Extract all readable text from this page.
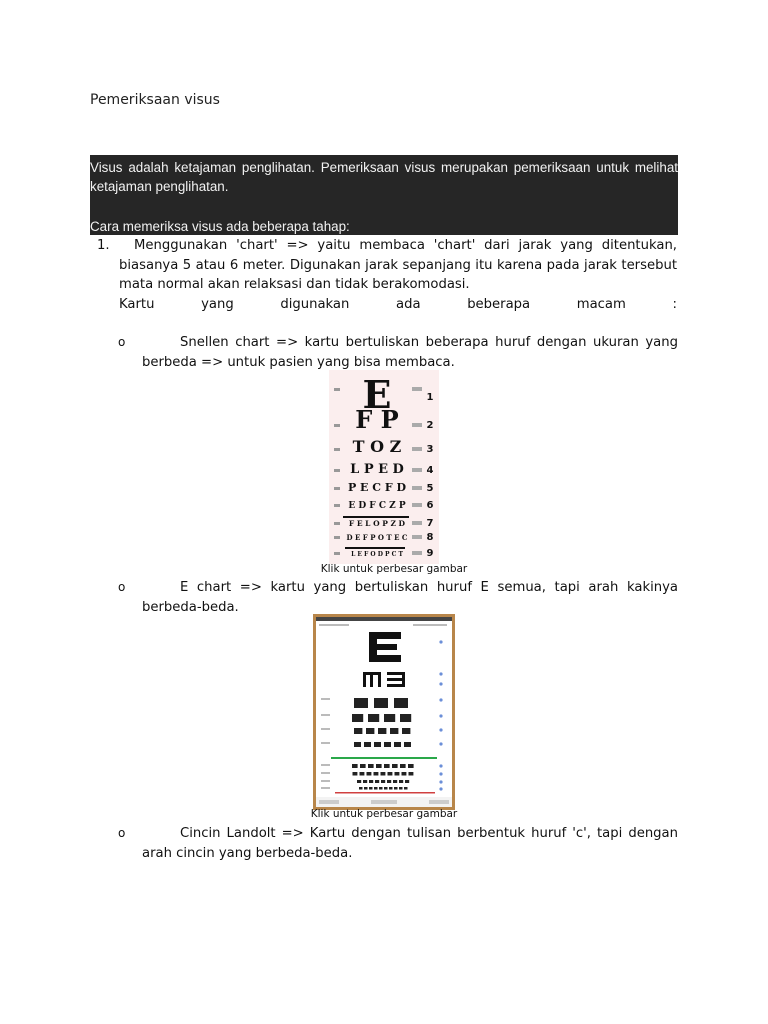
Pemeriksaan visus

Visus adalah ketajaman penglihatan. Pemeriksaan visus merupakan pemeriksaan untuk melihat ketajaman penglihatan.

Cara memeriksa visus ada beberapa tahap:

1.	Menggunakan 'chart' => yaitu membaca 'chart' dari jarak yang ditentukan, biasanya 5 atau 6 meter. Digunakan jarak sepanjang itu karena pada jarak tersebut mata normal akan relaksasi dan tidak berakomodasi.
Kartu	yang	digunakan	ada	beberapa	macam	:
o	Snellen chart => kartu bertuliskan beberapa huruf dengan ukuran yang berbeda => untuk pasien yang bisa membaca.
E	1
F P	2
T O Z	3
L P E D 4
P E C F D 5
E D F C Z P 6
F E L O P Z D 7
D E F P O T E C 8
L E F O D P C T 9
Klik untuk perbesar gambar
o	E chart => kartu yang bertuliskan huruf E semua, tapi arah kakinya berbeda-beda.
Klik untuk perbesar gambar
o	Cincin Landolt => Kartu dengan tulisan berbentuk huruf 'c', tapi dengan arah cincin yang berbeda-beda.
